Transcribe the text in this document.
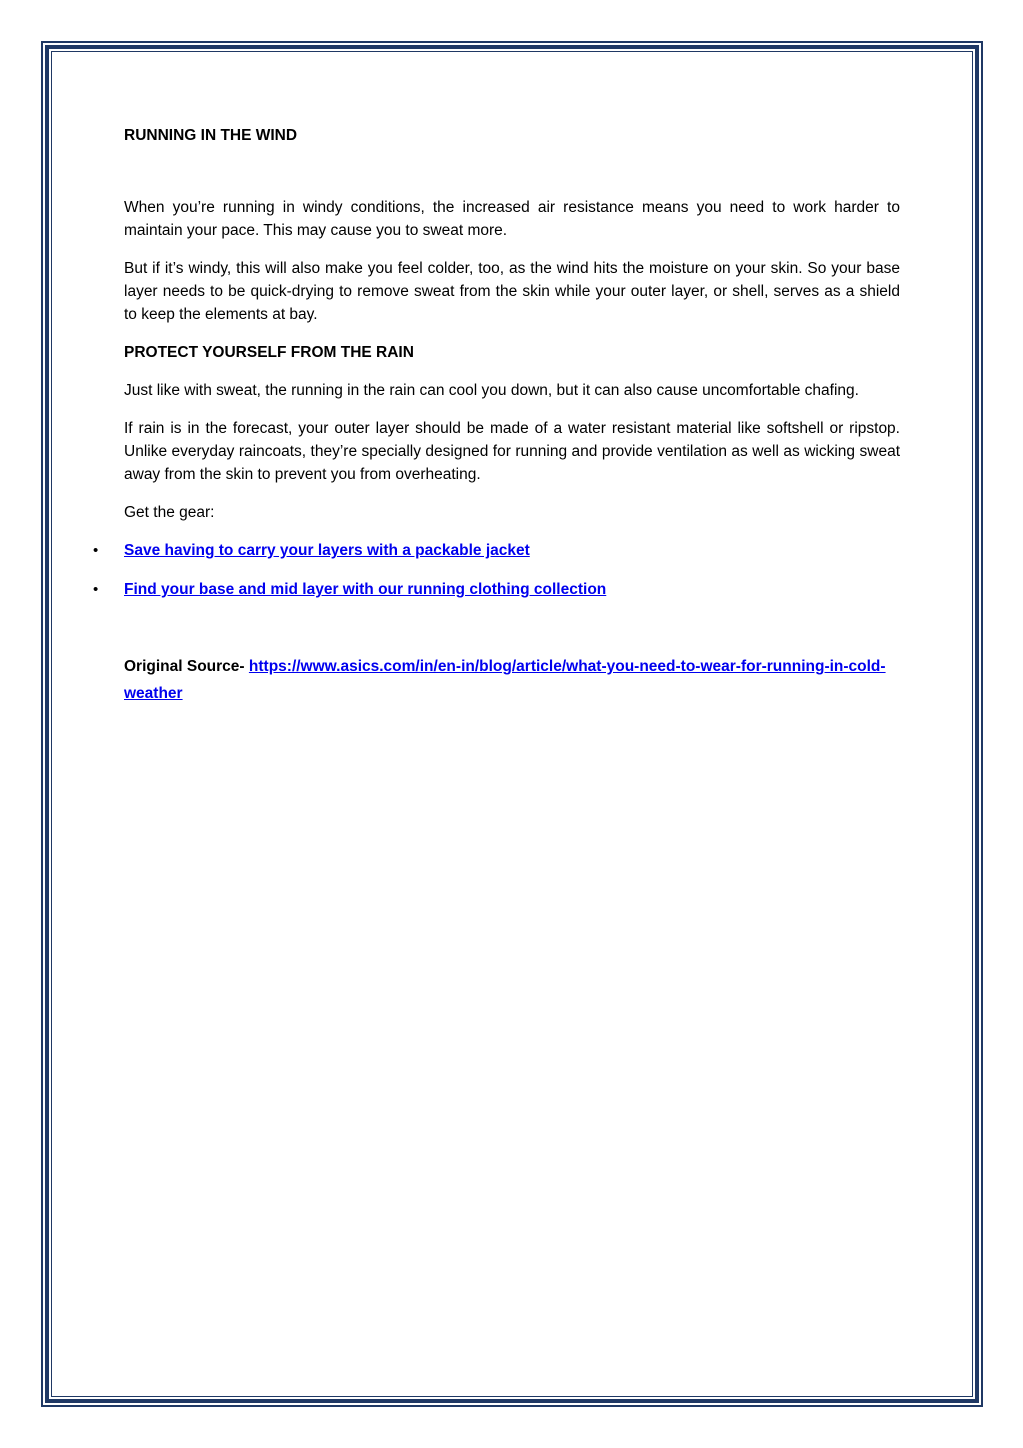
RUNNING IN THE WIND

When you’re running in windy conditions, the increased air resistance means you need to work harder to maintain your pace. This may cause you to sweat more.

But if it’s windy, this will also make you feel colder, too, as the wind hits the moisture on your skin. So your base layer needs to be quick-drying to remove sweat from the skin while your outer layer, or shell, serves as a shield to keep the elements at bay.

PROTECT YOURSELF FROM THE RAIN

Just like with sweat, the running in the rain can cool you down, but it can also cause uncomfortable chafing.

If rain is in the forecast, your outer layer should be made of a water resistant material like softshell or ripstop. Unlike everyday raincoats, they’re specially designed for running and provide ventilation as well as wicking sweat away from the skin to prevent you from overheating.

Get the gear:

• Save having to carry your layers with a packable jacket
• Find your base and mid layer with our running clothing collection
Original Source- https://www.asics.com/in/en-in/blog/article/what-you-need-to-wear-for-running-in-cold-weather
